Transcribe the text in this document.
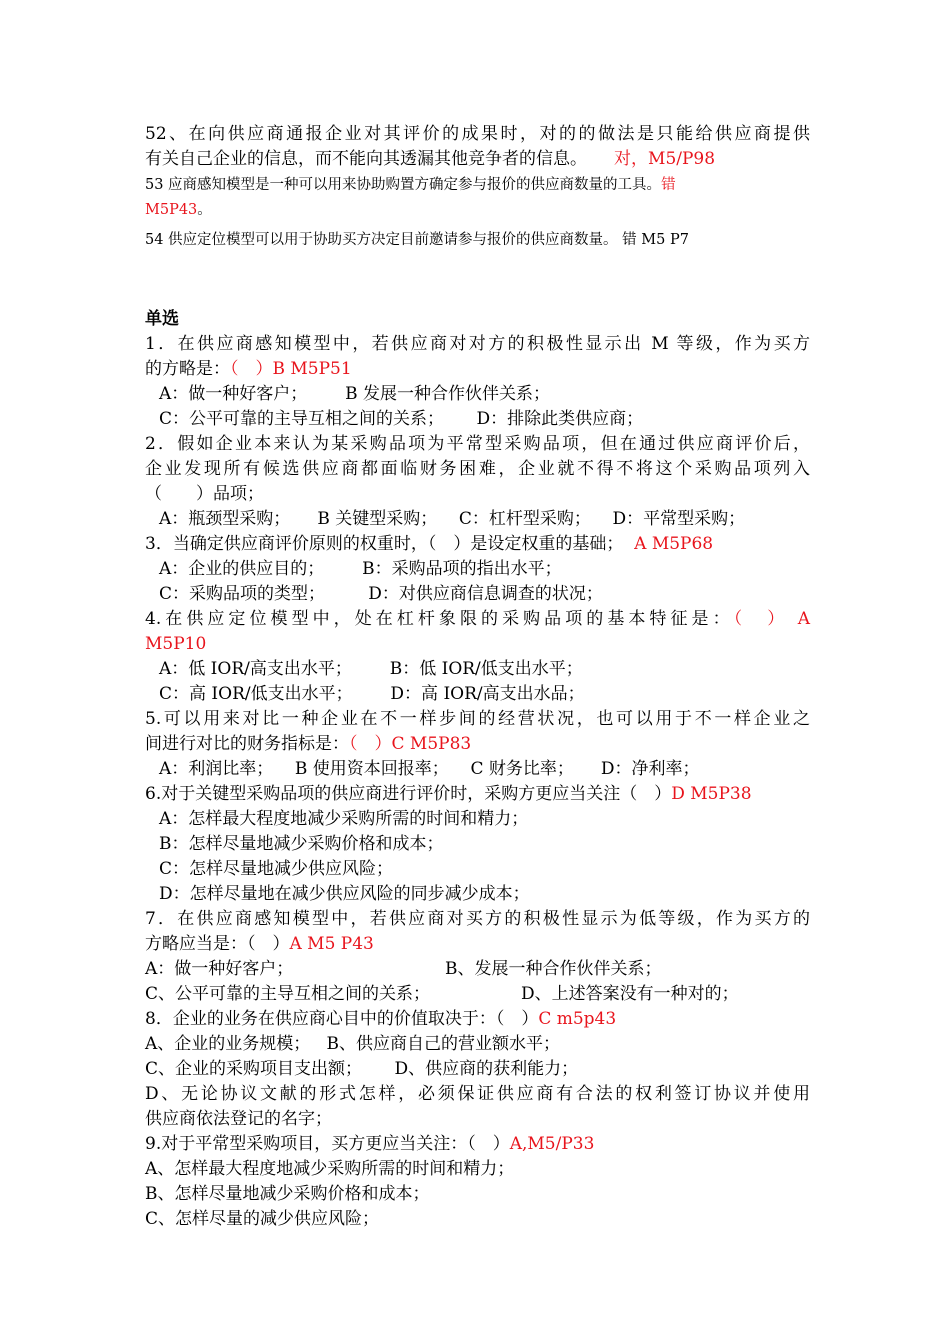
52、在向供应商通报企业对其评价的成果时，对的的做法是只能给供应商提供

有关自己企业的信息，而不能向其透漏其他竞争者的信息。 对，M5/P98

53 应商感知模型是一种可以用来协助购置方确定参与报价的供应商数量的工具。错

M5P43。

54 供应定位模型可以用于协助买方决定目前邀请参与报价的供应商数量。 错 M5 P7

单选

1．在供应商感知模型中，若供应商对对方的积极性显示出 M 等级，作为买方

的方略是：（　）B M5P51

A：做一种好客户； B 发展一种合作伙伴关系；

C：公平可靠的主导互相之间的关系； D：排除此类供应商；

2．假如企业本来认为某采购品项为平常型采购品项，但在通过供应商评价后，

企业发现所有候选供应商都面临财务困难，企业就不得不将这个采购品项列入

（　　）品项；

A：瓶颈型采购； B 关键型采购； C：杠杆型采购； D：平常型采购；

3．当确定供应商评价原则的权重时，（　）是设定权重的基础； A M5P68

A：企业的供应目的； B：采购品项的指出水平；

C：采购品项的类型；	D：对供应商信息调查的状况；

4.在供应定位模型中，处在杠杆象限的采购品项的基本特征是：（　） A

M5P10

A：低 IOR/高支出水平； B：低 IOR/低支出水平；

C：高 IOR/低支出水平； D：高 IOR/高支出水品；

5.可以用来对比一种企业在不一样步间的经营状况，也可以用于不一样企业之

间进行对比的财务指标是：（　）C M5P83

A：利润比率； B 使用资本回报率； C 财务比率； D：净利率；

6.对于关键型采购品项的供应商进行评价时，采购方更应当关注（　）D M5P38

A：怎样最大程度地减少采购所需的时间和精力；

B：怎样尽量地减少采购价格和成本；

C：怎样尽量地减少供应风险；

D：怎样尽量地在减少供应风险的同步减少成本；

7．在供应商感知模型中，若供应商对买方的积极性显示为低等级，作为买方的

方略应当是：（　）A M5 P43

A：做一种好客户；	B、发展一种合作伙伴关系；

C、公平可靠的主导互相之间的关系；	D、上述答案没有一种对的；

8．企业的业务在供应商心目中的价值取决于：（　）C m5p43

A、企业的业务规模； B、供应商自己的营业额水平；

C、企业的采购项目支出额； D、供应商的获利能力；

D、无论协议文献的形式怎样，必须保证供应商有合法的权利签订协议并使用

供应商依法登记的名字；

9.对于平常型采购项目，买方更应当关注：（　）A,M5/P33

A、怎样最大程度地减少采购所需的时间和精力；

B、怎样尽量地减少采购价格和成本；

C、怎样尽量的减少供应风险；
